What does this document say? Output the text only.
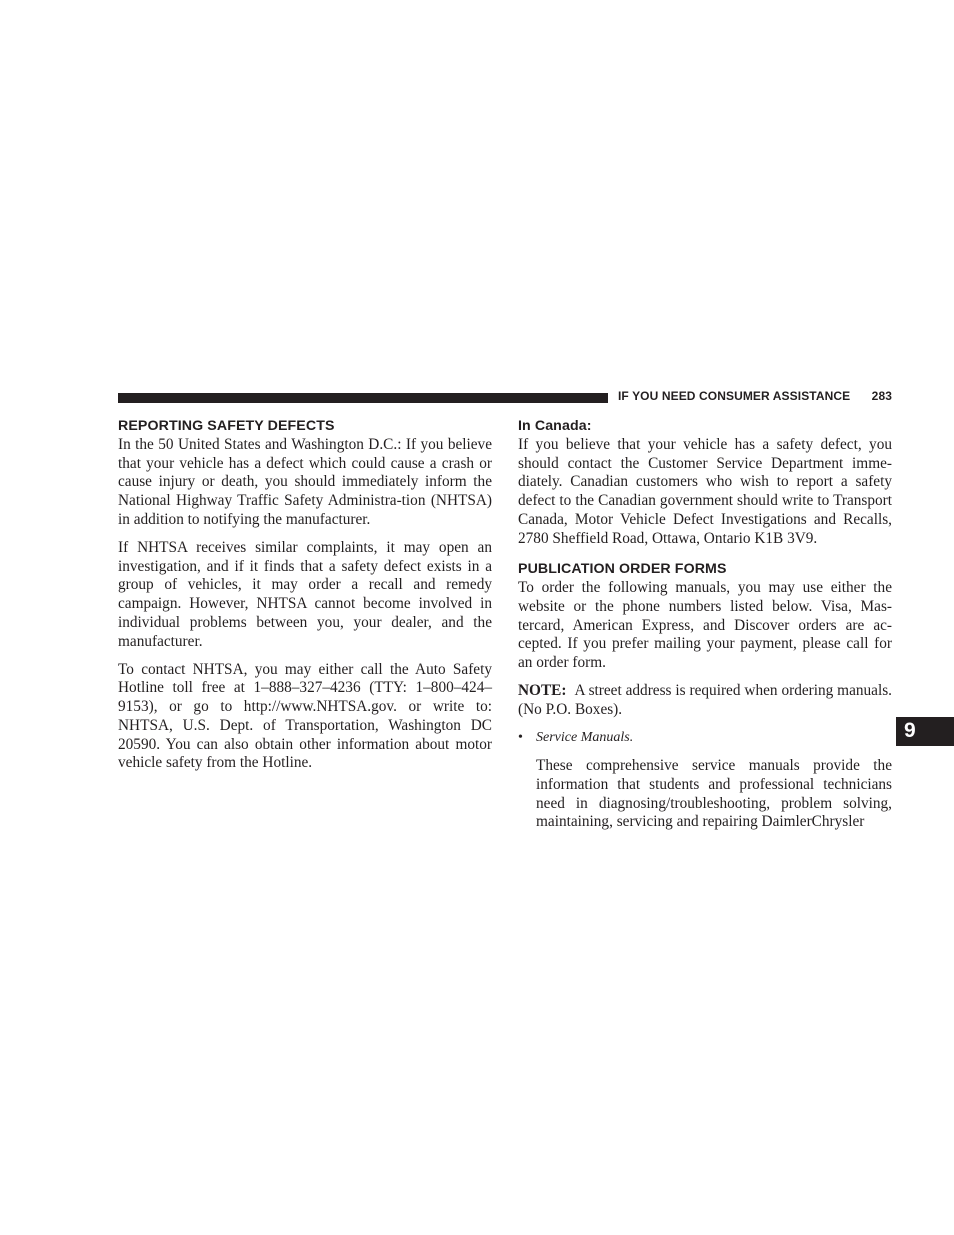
IF YOU NEED CONSUMER ASSISTANCE 283
REPORTING SAFETY DEFECTS

In the 50 United States and Washington D.C.: If you believe that your vehicle has a defect which could cause a crash or cause injury or death, you should immediately inform the National Highway Traffic Safety Administra-tion (NHTSA) in addition to notifying the manufacturer.

If NHTSA receives similar complaints, it may open an investigation, and if it finds that a safety defect exists in a group of vehicles, it may order a recall and remedy campaign. However, NHTSA cannot become involved in individual problems between you, your dealer, and the manufacturer.

To contact NHTSA, you may either call the Auto Safety Hotline toll free at 1–888–327–4236 (TTY: 1–800–424–9153), or go to http://www.NHTSA.gov. or write to: NHTSA, U.S. Dept. of Transportation, Washington DC 20590. You can also obtain other information about motor vehicle safety from the Hotline.

In Canada:

If you believe that your vehicle has a safety defect, you should contact the Customer Service Department imme-diately. Canadian customers who wish to report a safety defect to the Canadian government should write to Transport Canada, Motor Vehicle Defect Investigations and Recalls, 2780 Sheffield Road, Ottawa, Ontario K1B 3V9.

PUBLICATION ORDER FORMS

To order the following manuals, you may use either the website or the phone numbers listed below. Visa, Mas-tercard, American Express, and Discover orders are ac-cepted. If you prefer mailing your payment, please call for an order form.

NOTE: A street address is required when ordering manuals. (No P.O. Boxes).

• Service Manuals.

These comprehensive service manuals provide the information that students and professional technicians need in diagnosing/troubleshooting, problem solving, maintaining, servicing and repairing DaimlerChrysler

9
